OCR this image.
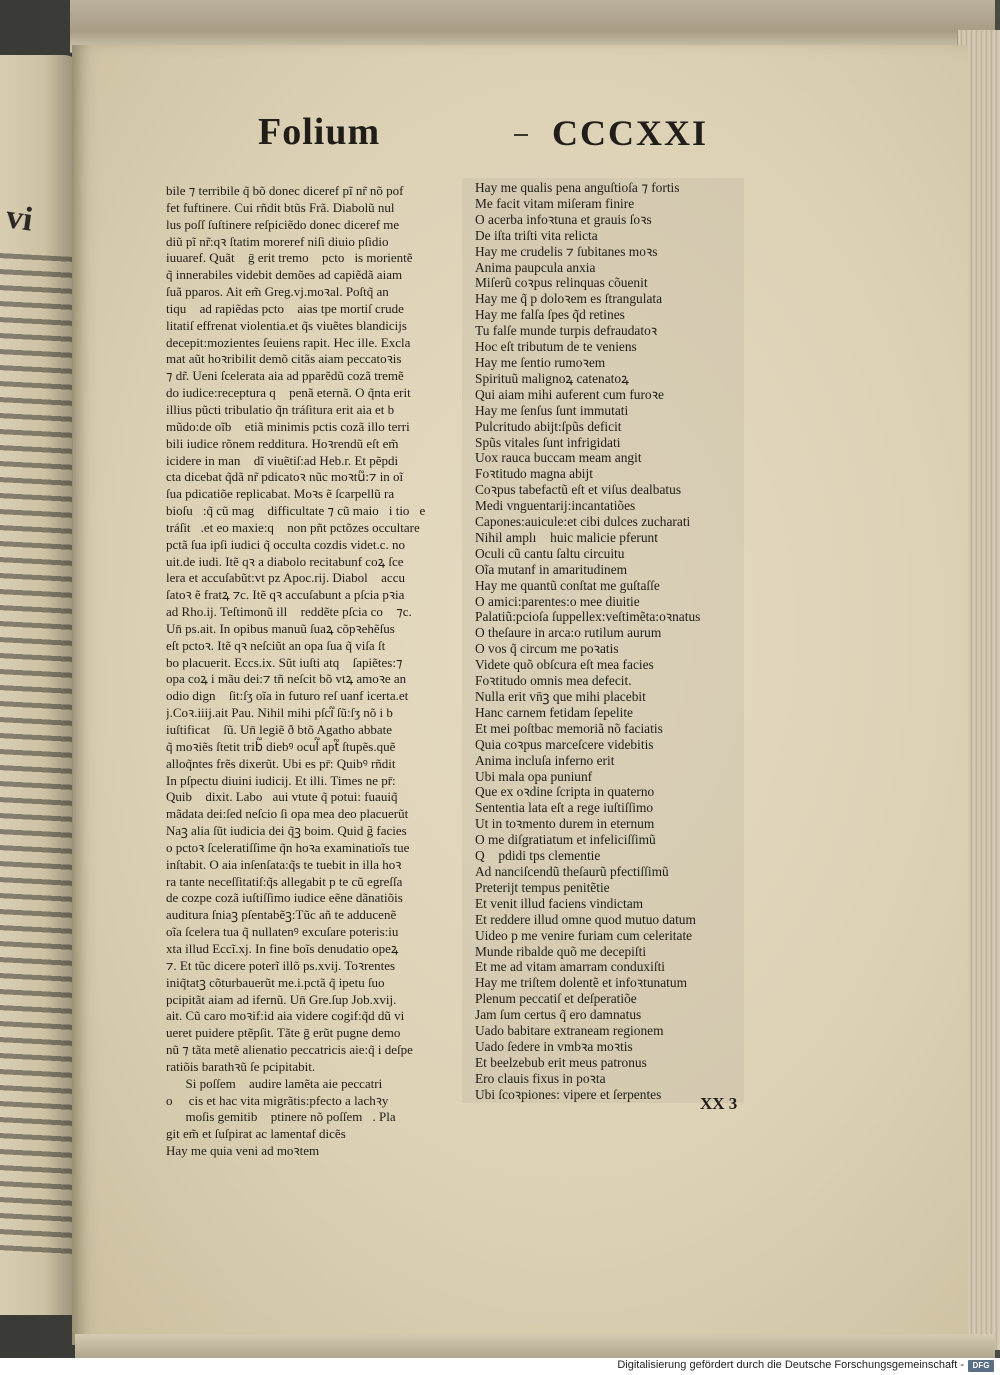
vi
Folium	CCCXXI
bile ⁊ terribile q̃ bõ donec diceref pĩ nr̃ nõ pof
fet fuftinere. Cui rñdit btũs Frã. Diabolũ nul
lus poſſ ſuſtinere reſpiciẽdo donec diceref me
diũ pĩ nr̃:qꝛ ſtatim moreref niſi diuio pſidio
iuuaref. Quãt᷑ ḡ erit tremoꝛ pctoꝛis morientẽ
q̃ innerabiles videbit demões ad capiẽdã aiam
ſuã pparos. Ait em̃ Greg.vj.moꝛal. Poſtq̃ an
tiqu᷑ ad rapiẽdas pctoꝝ aias tpe mortiſ crude
litatiſ effrenat violentia.et q̃s viuẽtes blandicijs
decepit:mozientes ſeuiens rapit. Hec ille. Excla
mat aũt hoꝛribilit demõ citãs aiam peccatoꝛis
⁊ dr̃. Ueni ſcelerata aia ad pparẽdũ cozã tremẽ
do iudice:receptura q᷑ penã eternã. O q̃nta erit
illius pũcti tribulatio q̃n tráſitura erit aia et b
mũdo:de oĩb᷑ etiã minimis pctis cozã illo terri
bili iudice rõnem redditura. Hoꝛrendũ eſt em̃
icidere in man᷑ dĩ viuẽtiſ:ad Heb.r. Et pẽpdi
cta dicebat q̃dã nr̃ pdicatoꝛ nũc moꝛtu᷑:⁊ in oĩ
ſua pdicatiõe replicabat. Moꝛs ẽ ſcarpellũ ra
bioſu᷑:q̃ cũ mag᷑ difficultate ⁊ cũ maioꝛi tioꝛe
tráſitᷓ.et eo maxie:qꝛ non pñt pctõzes occultare
pctã ſua ipſi iudici q̃ occulta cozdis videt.c. no
uit.de iudi. Itẽ qꝛ a diabolo recitabunf coꝝ ſce
lera et accuſabũt:vt pz Apoc.rij. Diabol᷑ accu
ſatoꝛ ẽ fratꝝ ⁊c. Itẽ qꝛ accuſabunt a pſcia pꝛia
ad Rho.ij. Teſtimonũ illᷓ reddẽte pſcia coꝝ ⁊c.
Un̄ ps.ait. In opibus manuũ ſuaꝝ cõpꝛehẽſus
eſt pctoꝛ. Itẽ qꝛ neſciũt an opa ſua q̃ viſa ſt
bo placuerit. Eccs.ix. Sũt iuſti atq᷑ ſapiẽtes:⁊
opa coꝝ i mãu dei:⁊ tñ neſcit bõ vtꝝ amoꝛe an
odio dign᷑ ſit:ſʒ oĩa in futuro reſ uanf icerta.et
j.Coꝛ.iiij.ait Pau. Nihil mihi pſcı᷑ ſũ:ſʒ nõ i b
iuſtificat᷑ ſũ. Un̄ legiẽ ð btõ Agatho abbate
q̃ moꝛiẽs ſtetit trib᷑ diebꝰ ocul᷑ apt᷑ ſtupẽs.quẽ
alloq̃ntes frẽs dixerũt. Ubi es pr̄: Quibꝰ rñdit
In pſpectu diuini iudicij. Et illi. Times ne pr̄:
Quib᷑ dixit. Laboꝛaui vtute q̃ potui: fuauiq̃
mãdata dei:ſed neſcio ſi opa mea deo placuerũt
Naꝫ alia ſũt iudicia dei q̃ꝫ boim. Quid g̃ facies
o pctoꝛ ſceleratiſſime q̃n hoꝛa examinatioĩs tue
inſtabit. O aia inſenſata:q̃s te tuebit in illa hoꝛ
ra tante neceſſitatiſ:q̃s allegabit p te cũ egreſſa
de cozpe cozã iuſtiſſimo iudice eẽne dãnatiõis
auditura ſniaꝫ pſentabẽꝫ:Tũc añ te adducenẽ
oĩa ſcelera tua q̃ nullatenꝰ excuſare poteris:iu
xta illud Eccĩ.xj. In fine boĩs denudatio opeꝝ
⁊. Et tũc dicere poterĩ illõ ps.xvij. Toꝛrentes
iniq̃tatꝫ cõturbauerũt me.i.pctã q̃ ipetu ſuo
pcipitãt aiam ad ifernũ. Un̄ Gre.ſup Job.xvij.
ait. Cũ caro moꝛif:id aia videre cogif:q̃d dũ vi
ueret puidere ptẽpſit. Tãte ḡ erũt pugne demo
nũ ⁊ tãta metẽ alienatio peccatricis aie:q̃ i deſpe
ratiõis barathꝛũ ſe pcipitabit.
Si poſſem᷑ audire lamẽta aie peccatri
o     cis et hac vita migrãtis:pfecto a lachꝛy
moſis gemitib᷑ ptinere nõ poſſem᷑. Pla
git em̃ et ſuſpirat ac lamentaf dicẽs
Hay me quia veni ad moꝛtem
Hay me qualis pena anguſtioſa ⁊ fortis
Me facit vitam miſeram finire
O acerba infoꝛtuna et grauis ſoꝛs
De iſta triſti vita relicta
Hay me crudelis ⁊ ſubitanes moꝛs
Anima paupcula anxia
Miſerũ coꝛpus relinquas cõuenit
Hay me q̃ p doloꝛem es ſtrangulata
Hay me falſa ſpes q̃d retines
Tu falſe munde turpis defraudatoꝛ
Hoc eſt tributum de te veniens
Hay me ſentio rumoꝛem
Spirituũ malignoꝝ catenatoꝝ
Qui aiam mihi auferent cum furoꝛe
Hay me ſenſus ſunt immutati
Pulcritudo abijt:ſpũs deficit
Spũs vitales ſunt infrigidati
Uox rauca buccam meam angit
Foꝛtitudo magna abijt
Coꝛpus tabefactũ eſt et viſus dealbatus
Medi vnguentarij:incantatiões
Capones:auicule:et cibi dulces zucharati
Nihil amplı᷑ huic malicie pferunt
Oculi cũ cantu ſaltu circuitu
Oĩa mutanf in amaritudinem
Hay me quantũ conſtat me guſtaſſe
O amici:parentes:o mee diuitie
Palatiũ:pcioſa ſuppellex:veſtimẽta:oꝛnatus
O theſaure in arca:o rutilum aurum
O vos q̃ circum me poꝛatis
Videte quõ obſcura eſt mea facies
Foꝛtitudo omnis mea defecit.
Nulla erit vn̄ꝫ que mihi placebit
Hanc carnem fetidam ſepelite
Et mei poſtbac memoriã nõ faciatis
Quia coꝛpus marceſcere videbitis
Anima incluſa inferno erit
Ubi mala opa puniunf
Que ex oꝛdine ſcripta in quaterno
Sententia lata eſt a rege iuſtiſſimo
Ut in toꝛmento durem in eternum
O me diſgratiatum et infeliciſſimũ
Q᷑ pdidi tps clementie
Ad nanciſcendũ theſaurũ pfectiſſimũ
Preterijt tempus penitẽtie
Et venit illud faciens vindictam
Et reddere illud omne quod mutuo datum
Uideo p me venire furiam cum celeritate
Munde ribalde quõ me decepiſti
Et me ad vitam amarram conduxiſti
Hay me triſtem dolentẽ et infoꝛtunatum
Plenum peccatiſ et deſperatiõe
Jam ſum certus q̃ ero damnatus
Uado babitare extraneam regionem
Uado ſedere in vmbꝛa moꝛtis
Et beelzebub erit meus patronus
Ero clauis fixus in poꝛta
Ubi ſcoꝛpiones: vipere et ſerpentes	XX 3
Digitalisierung gefördert durch die Deutsche Forschungsgemeinschaft -	DFG
